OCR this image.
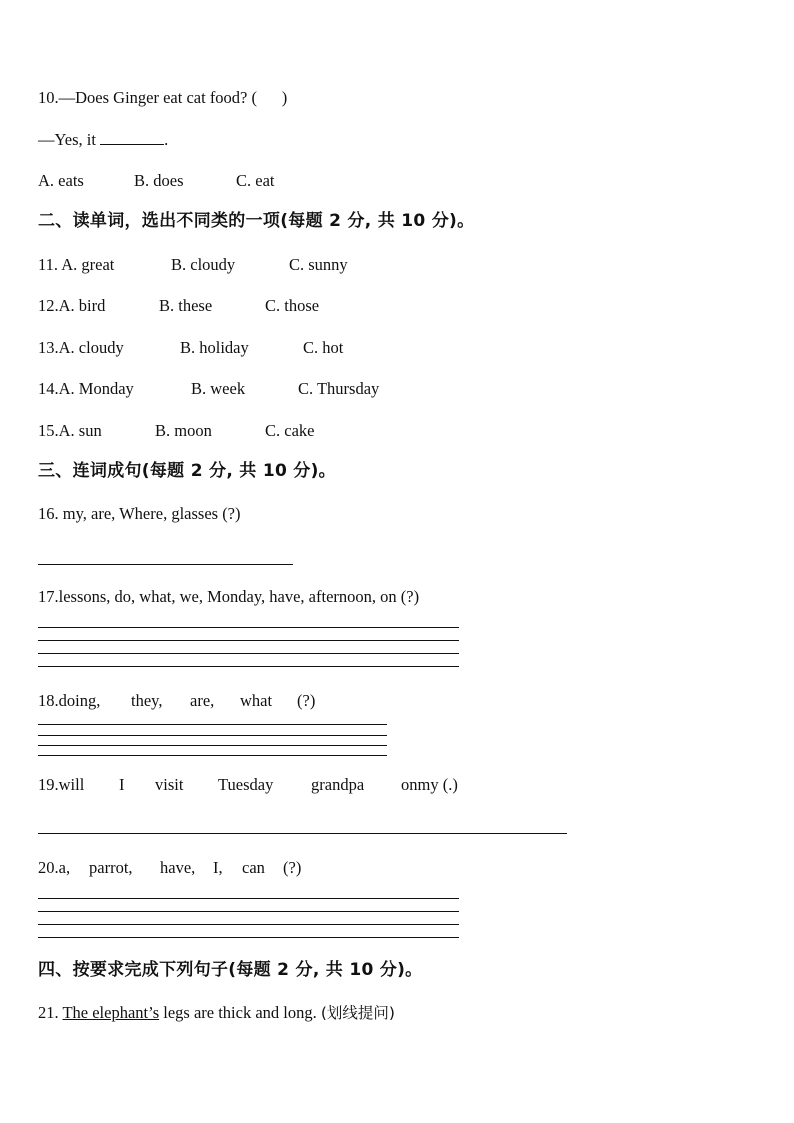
10.—Does Ginger eat cat food? (      )
—Yes, it	.
A. eats	B. does	C. eat
二、读单词，选出不同类的一项(每题 2 分, 共 10 分)。
11. A. great	B. cloudy	C. sunny
12.A. bird	B. these	C. those
13.A. cloudy	B. holiday	C. hot
14.A. Monday	B. week	C. Thursday
15.A. sun	B. moon	C. cake
三、连词成句(每题 2 分, 共 10 分)。
16. my, are, Where, glasses (?)
17.lessons, do, what, we, Monday, have, afternoon, on (?)
18.doing, they, are, what (?)
19.will I visit Tuesday grandpa onmy (.)
20.a, parrot, have, I, can (?)
四、按要求完成下列句子(每题 2 分, 共 10 分)。
21. The elephant’s legs are thick and long. (划线提问)
